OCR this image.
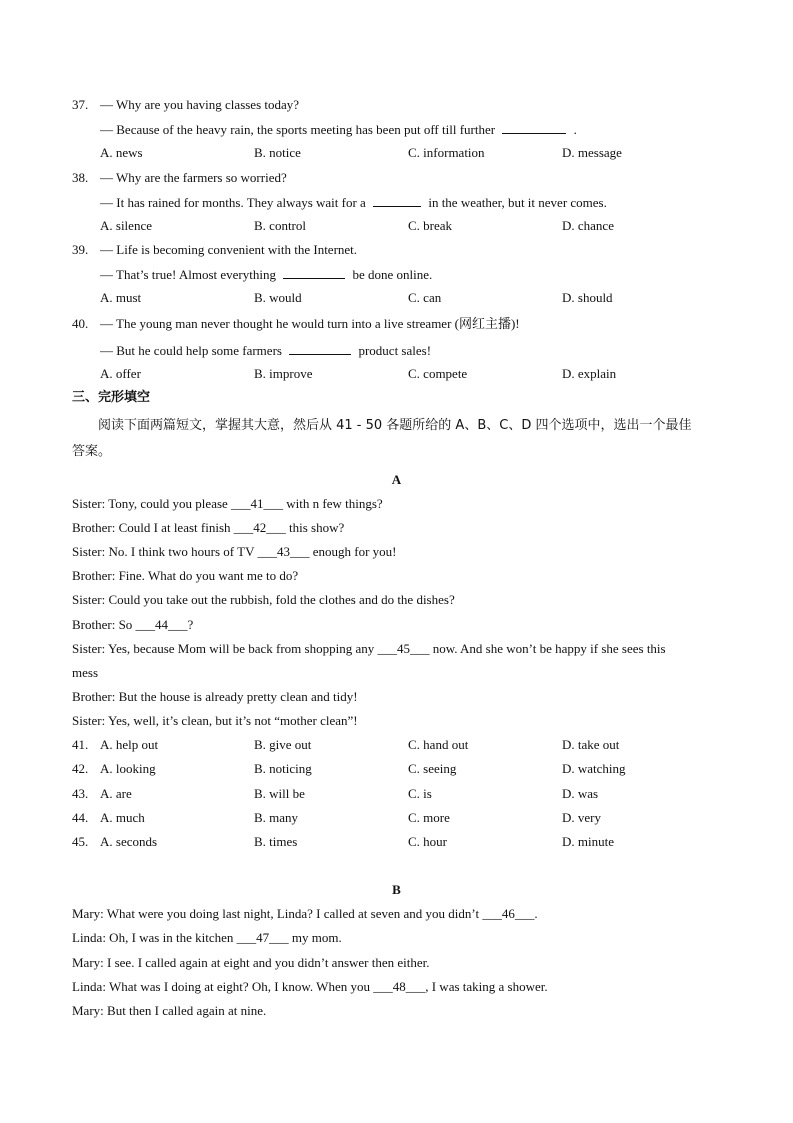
37. — Why are you having classes today?
— Because of the heavy rain, the sports meeting has been put off till further	.
A. news	B. notice	C. information	D. message
38. — Why are the farmers so worried?
— It has rained for months. They always wait for a	in the weather, but it never comes.
A. silence	B. control	C. break	D. chance
39. — Life is becoming convenient with the Internet.
— That’s true! Almost everything	be done online.
A. must	B. would	C. can	D. should
40. — The young man never thought he would turn into a live streamer (网红主播)!
— But he could help some farmers	product sales!
A. offer	B. improve	C. compete	D. explain
三、完形填空
阅读下面两篇短文，掌握其大意，然后从 41 - 50 各题所给的 A、B、C、D 四个选项中，选出一个最佳
答案。
A
Sister: Tony, could you please ___41___ with n few things?
Brother: Could I at least finish ___42___ this show?
Sister: No. I think two hours of TV ___43___ enough for you!
Brother: Fine. What do you want me to do?
Sister: Could you take out the rubbish, fold the clothes and do the dishes?
Brother: So ___44___?
Sister: Yes, because Mom will be back from shopping any ___45___ now. And she won’t be happy if she sees this
mess
Brother: But the house is already pretty clean and tidy!
Sister: Yes, well, it’s clean, but it’s not “mother clean”!
41. A. help out	B. give out	C. hand out	D. take out
42. A. looking	B. noticing	C. seeing	D. watching
43. A. are	B. will be	C. is	D. was
44. A. much	B. many	C. more	D. very
45. A. seconds	B. times	C. hour	D. minute
B
Mary: What were you doing last night, Linda? I called at seven and you didn’t ___46___.
Linda: Oh, I was in the kitchen ___47___ my mom.
Mary: I see. I called again at eight and you didn’t answer then either.
Linda: What was I doing at eight? Oh, I know. When you ___48___, I was taking a shower.
Mary: But then I called again at nine.
